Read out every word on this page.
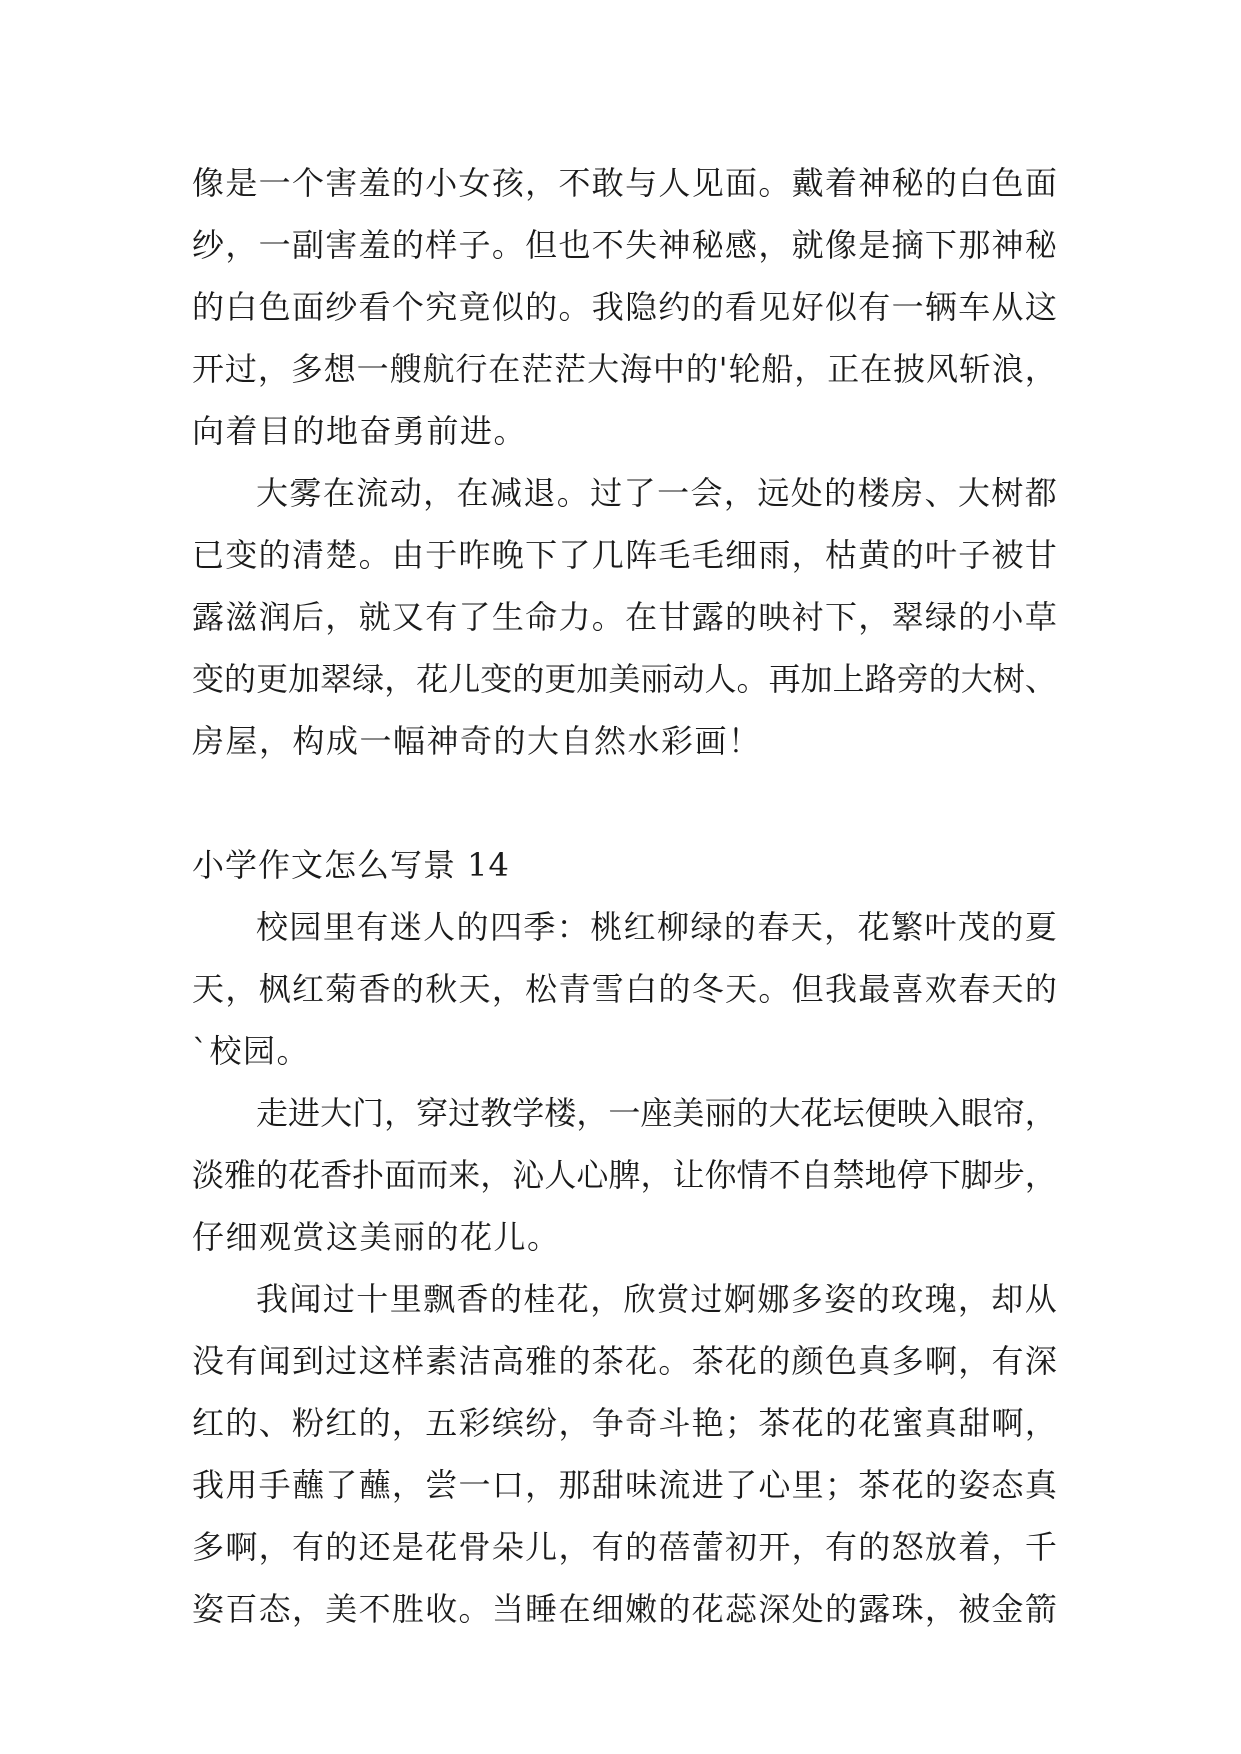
像 是 一 个 害 羞 的 小 女 孩 ， 不 敢 与 人 见 面 。 戴 着 神 秘 的 白 色 面
纱 ， 一 副 害 羞 的 样 子 。 但 也 不 失 神 秘 感 ， 就 像 是 摘 下 那 神 秘
的 白 色 面 纱 看 个 究 竟 似 的 。 我 隐 约 的 看 见 好 似 有 一 辆 车 从 这
开 过 ， 多 想 一 艘 航 行 在 茫 茫 大 海 中 的 ' 轮 船 ， 正 在 披 风 斩 浪 ，
向着目的地奋勇前进。
大 雾 在 流 动 ， 在 减 退 。 过 了 一 会 ， 远 处 的 楼 房 、 大 树 都
已 变 的 清 楚 。 由 于 昨 晚 下 了 几 阵 毛 毛 细 雨 ， 枯 黄 的 叶 子 被 甘
露 滋 润 后 ， 就 又 有 了 生 命 力 。 在 甘 露 的 映 衬 下 ， 翠 绿 的 小 草
变 的 更 加 翠 绿 ， 花 儿 变 的 更 加 美 丽 动 人 。 再 加 上 路 旁 的 大 树 、
房屋，构成一幅神奇的大自然水彩画！
小学作文怎么写景 14
校 园 里 有 迷 人 的 四 季 ： 桃 红 柳 绿 的 春 天 ， 花 繁 叶 茂 的 夏
天 ， 枫 红 菊 香 的 秋 天 ， 松 青 雪 白 的 冬 天 。 但 我 最 喜 欢 春 天 的
`校园。
走 进 大 门 ， 穿 过 教 学 楼 ， 一 座 美 丽 的 大 花 坛 便 映 入 眼 帘 ，
淡 雅 的 花 香 扑 面 而 来 ， 沁 人 心 脾 ， 让 你 情 不 自 禁 地 停 下 脚 步 ，
仔细观赏这美丽的花儿。
我 闻 过 十 里 飘 香 的 桂 花 ， 欣 赏 过 婀 娜 多 姿 的 玫 瑰 ， 却 从
没 有 闻 到 过 这 样 素 洁 高 雅 的 茶 花 。 茶 花 的 颜 色 真 多 啊 ， 有 深
红 的 、 粉 红 的 ， 五 彩 缤 纷 ， 争 奇 斗 艳 ； 茶 花 的 花 蜜 真 甜 啊 ，
我 用 手 蘸 了 蘸 ， 尝 一 口 ， 那 甜 味 流 进 了 心 里 ； 茶 花 的 姿 态 真
多 啊 ， 有 的 还 是 花 骨 朵 儿 ， 有 的 蓓 蕾 初 开 ， 有 的 怒 放 着 ， 千
姿 百 态 ， 美 不 胜 收 。 当 睡 在 细 嫩 的 花 蕊 深 处 的 露 珠 ， 被 金 箭
